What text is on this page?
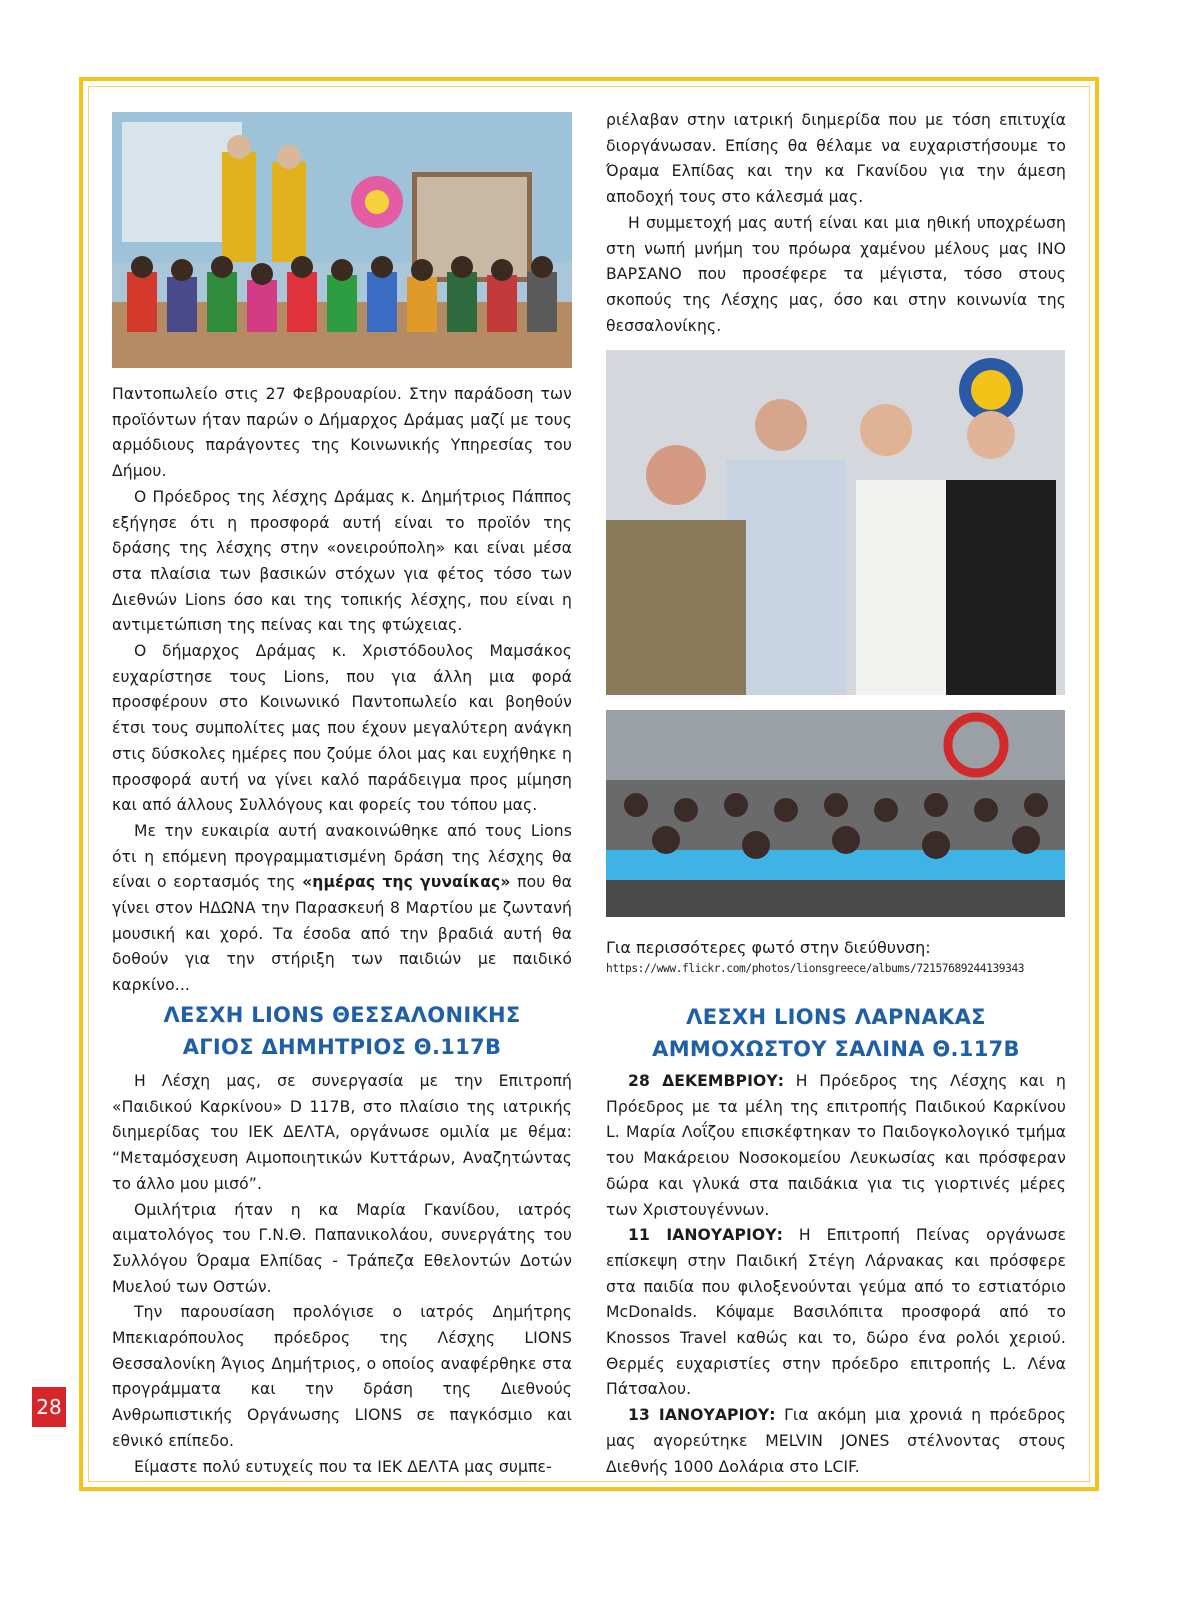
28

ριέλαβαν στην ιατρική διημερίδα που με τόση επιτυχία διοργάνωσαν. Επίσης θα θέλαμε να ευχαριστήσουμε το Όραμα Ελπίδας και την κα Γκανίδου για την άμεση αποδοχή τους στο κάλεσμά μας.

Η συμμετοχή μας αυτή είναι και μια ηθική υποχρέωση στη νωπή μνήμη του πρόωρα χαμένου μέλους μας ΙΝΟ ΒΑΡΣΑΝΟ που προσέφερε τα μέγιστα, τόσο στους σκοπούς της Λέσχης μας, όσο και στην κοινωνία της θεσσαλονίκης.

Για περισσότερες φωτό στην διεύθυνση:
https://www.flickr.com/photos/lionsgreece/albums/72157689244139343

Παντοπωλείο στις 27 Φεβρουαρίου. Στην παράδοση των προϊόντων ήταν παρών ο Δήμαρχος Δράμας μαζί με τους αρμόδιους παράγοντες της Κοινωνικής Υπηρεσίας του Δήμου.

Ο Πρόεδρος της λέσχης Δράμας κ. Δημήτριος Πάππος εξήγησε ότι η προσφορά αυτή είναι το προϊόν της δράσης της λέσχης στην «ονειρούπολη» και είναι μέσα στα πλαίσια των βασικών στόχων για φέτος τόσο των Διεθνών Lions όσο και της τοπικής λέσχης, που είναι η αντιμετώπιση της πείνας και της φτώχειας.

Ο δήμαρχος Δράμας κ. Χριστόδουλος Μαμσάκος ευχαρίστησε τους Lions, που για άλλη μια φορά προσφέρουν στο Κοινωνικό Παντοπωλείο και βοηθούν έτσι τους συμπολίτες μας που έχουν μεγαλύτερη ανάγκη στις δύσκολες ημέρες που ζούμε όλοι μας και ευχήθηκε η προσφορά αυτή να γίνει καλό παράδειγμα προς μίμηση και από άλλους Συλλόγους και φορείς του τόπου μας.

Με την ευκαιρία αυτή ανακοινώθηκε από τους Lions ότι η επόμενη προγραμματισμένη δράση της λέσχης θα είναι ο εορτασμός της «ημέρας της γυναίκας» που θα γίνει στον ΗΔΩΝΑ την Παρασκευή 8 Μαρτίου με ζωντανή μουσική και χορό. Τα έσοδα από την βραδιά αυτή θα δοθούν για την στήριξη των παιδιών με παιδικό καρκίνο...

ΛΕΣΧΗ LIONS ΘΕΣΣΑΛΟΝΙΚΗΣ
ΑΓΙΟΣ ΔΗΜΗΤΡΙΟΣ Θ.117Β

Η Λέσχη μας, σε συνεργασία με την Επιτροπή «Παιδικού Καρκίνου» D 117B, στο πλαίσιο της ιατρικής διημερίδας του ΙΕΚ ΔΕΛΤΑ, οργάνωσε ομιλία με θέμα: “Μεταμόσχευση Αιμοποιητικών Κυττάρων, Αναζητώντας το άλλο μου μισό”.

Ομιλήτρια ήταν η κα Μαρία Γκανίδου, ιατρός αιματολόγος του Γ.Ν.Θ. Παπανικολάου, συνεργάτης του Συλλόγου Όραμα Ελπίδας - Τράπεζα Εθελοντών Δοτών Μυελού των Οστών.

Την παρουσίαση προλόγισε ο ιατρός Δημήτρης Μπεκιαρόπουλος πρόεδρος της Λέσχης LIONS Θεσσαλονίκη Άγιος Δημήτριος, ο οποίος αναφέρθηκε στα προγράμματα και την δράση της Διεθνούς Ανθρωπιστικής Οργάνωσης LIONS σε παγκόσμιο και εθνικό επίπεδο.

Είμαστε πολύ ευτυχείς που τα ΙΕΚ ΔΕΛΤΑ μας συμπε-

ΛΕΣΧΗ LIONS ΛΑΡΝΑΚΑΣ
ΑΜΜΟΧΩΣΤΟΥ ΣΑΛΙΝΑ Θ.117Β

28 ΔΕΚΕΜΒΡΙΟΥ: Η Πρόεδρος της Λέσχης και η Πρόεδρος με τα μέλη της επιτροπής Παιδικού Καρκίνου L. Μαρία Λοΐζου επισκέφτηκαν το Παιδογκολογικό τμήμα του Μακάρειου Νοσοκομείου Λευκωσίας και πρόσφεραν δώρα και γλυκά στα παιδάκια για τις γιορτινές μέρες των Χριστουγέννων.

11 ΙΑΝΟΥΑΡΙΟΥ: Η Επιτροπή Πείνας οργάνωσε επίσκεψη στην Παιδική Στέγη Λάρνακας και πρόσφερε στα παιδία που φιλοξενούνται γεύμα από το εστιατόριο McDonalds. Κόψαμε Βασιλόπιτα προσφορά από το Knossos Travel καθώς και το, δώρο ένα ρολόι χεριού. Θερμές ευχαριστίες στην πρόεδρο επιτροπής L. Λένα Πάτσαλου.

13 ΙΑΝΟΥΑΡΙΟΥ: Για ακόμη μια χρονιά η πρόεδρος μας αγορεύτηκε MELVIN JONES στέλνοντας στους Διεθνής 1000 Δολάρια στο LCIF.
